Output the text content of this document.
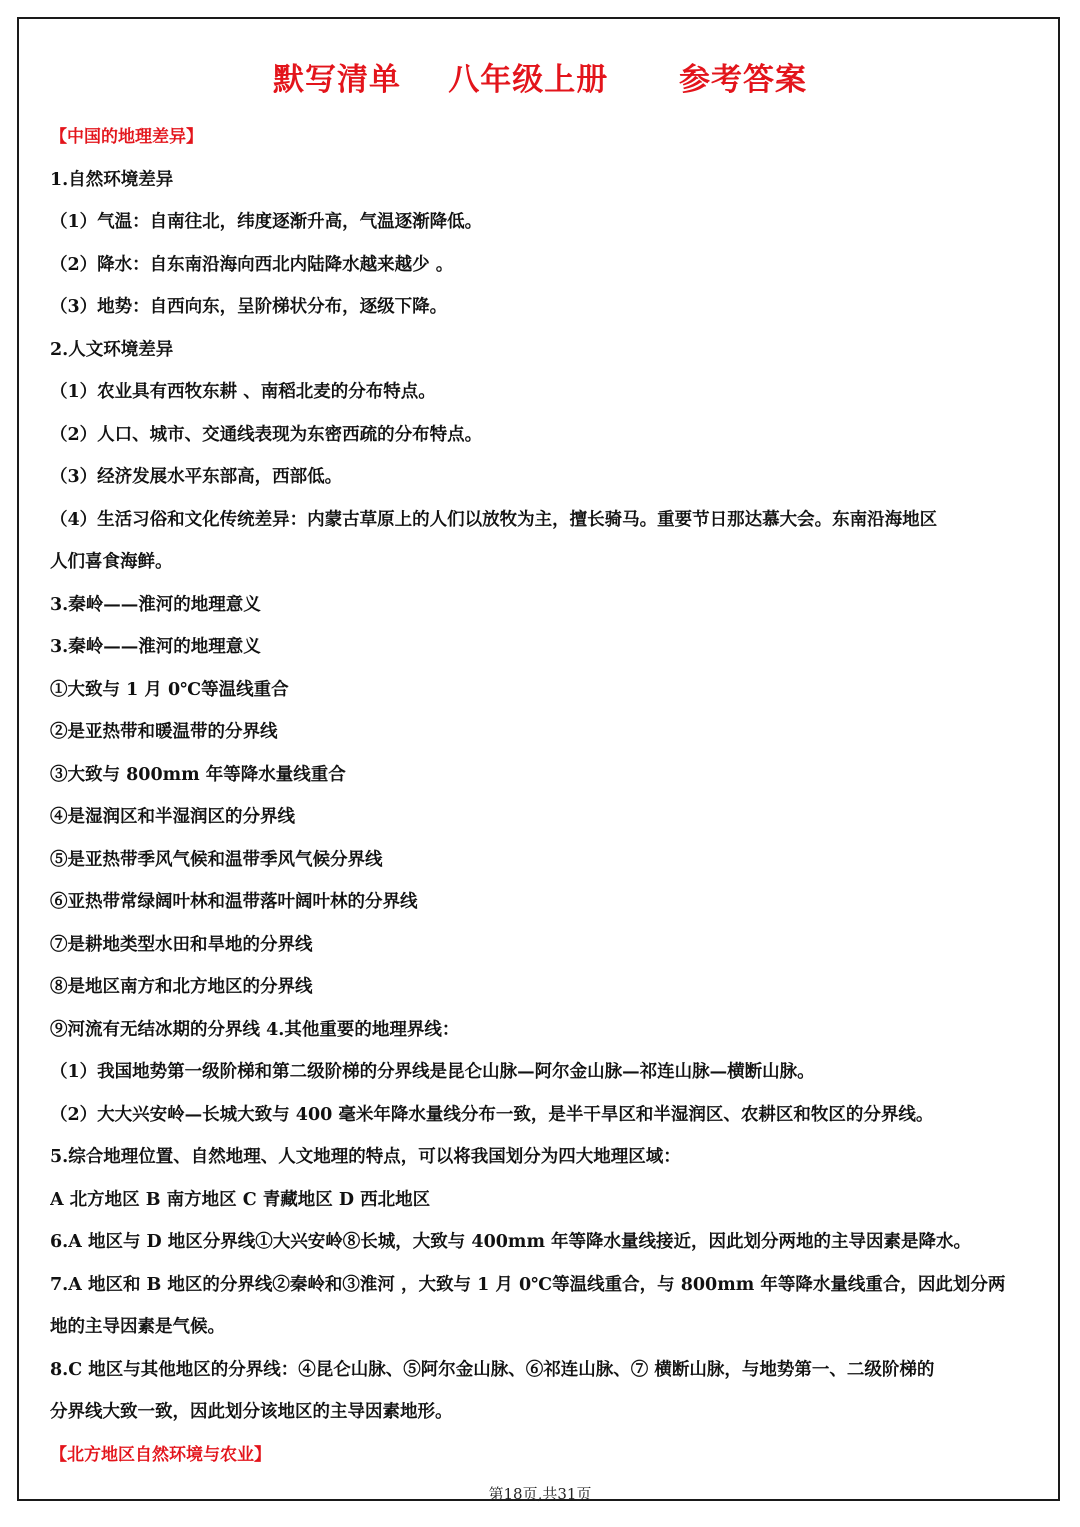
默写清单    八年级上册      参考答案
【中国的地理差异】
1.自然环境差异
（1）气温：自南往北，纬度逐渐升高，气温逐渐降低。
（2）降水：自东南沿海向西北内陆降水越来越少 。
（3）地势：自西向东，呈阶梯状分布，逐级下降。
2.人文环境差异
（1）农业具有西牧东耕 、南稻北麦的分布特点。
（2）人口、城市、交通线表现为东密西疏的分布特点。
（3）经济发展水平东部高，西部低。
（4）生活习俗和文化传统差异：内蒙古草原上的人们以放牧为主，擅长骑马。重要节日那达慕大会。东南沿海地区
人们喜食海鲜。
3.秦岭——淮河的地理意义
3.秦岭——淮河的地理意义
①大致与 1 月 0℃等温线重合
②是亚热带和暖温带的分界线
③大致与 800mm 年等降水量线重合
④是湿润区和半湿润区的分界线
⑤是亚热带季风气候和温带季风气候分界线
⑥亚热带常绿阔叶林和温带落叶阔叶林的分界线
⑦是耕地类型水田和旱地的分界线
⑧是地区南方和北方地区的分界线
⑨河流有无结冰期的分界线 4.其他重要的地理界线：
（1）我国地势第一级阶梯和第二级阶梯的分界线是昆仑山脉—阿尔金山脉—祁连山脉—横断山脉。
（2）大大兴安岭—长城大致与 400 毫米年降水量线分布一致，是半干旱区和半湿润区、农耕区和牧区的分界线。
5.综合地理位置、自然地理、人文地理的特点，可以将我国划分为四大地理区域：
A 北方地区 B 南方地区 C 青藏地区 D 西北地区
6.A 地区与 D 地区分界线①大兴安岭⑧长城，大致与 400mm 年等降水量线接近，因此划分两地的主导因素是降水。
7.A 地区和 B 地区的分界线②秦岭和③淮河 ，大致与 1 月 0℃等温线重合，与 800mm 年等降水量线重合，因此划分两
地的主导因素是气候。
8.C 地区与其他地区的分界线：④昆仑山脉、⑤阿尔金山脉、⑥祁连山脉、⑦ 横断山脉，与地势第一、二级阶梯的
分界线大致一致，因此划分该地区的主导因素地形。
【北方地区自然环境与农业】
第18页,共31页
